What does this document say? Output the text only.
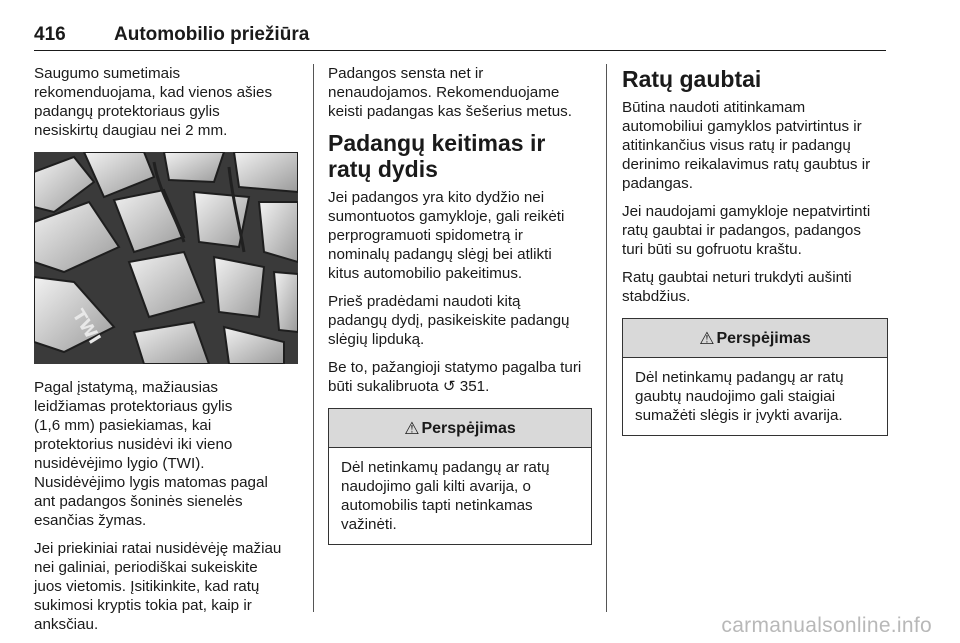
416	Automobilio priežiūra

Saugumo sumetimais
rekomenduojama, kad vienos ašies
padangų protektoriaus gylis
nesiskirtų daugiau nei 2 mm.

TWI

Pagal įstatymą, mažiausias
leidžiamas protektoriaus gylis
(1,6 mm) pasiekiamas, kai
protektorius nusidėvi iki vieno
nusidėvėjimo lygio (TWI).
Nusidėvėjimo lygis matomas pagal
ant padangos šoninės sienelės
esančias žymas.

Jei priekiniai ratai nusidėvėję mažiau
nei galiniai, periodiškai sukeiskite
juos vietomis. Įsitikinkite, kad ratų
sukimosi kryptis tokia pat, kaip ir
anksčiau.

Padangos sensta net ir
nenaudojamos. Rekomenduojame
keisti padangas kas šešerius metus.

Padangų keitimas ir ratų dydis

Jei padangos yra kito dydžio nei
sumontuotos gamykloje, gali reikėti
perprogramuoti spidometrą ir
nominalų padangų slėgį bei atlikti
kitus automobilio pakeitimus.

Prieš pradėdami naudoti kitą
padangų dydį, pasikeiskite padangų
slėgių lipduką.

Be to, pažangioji statymo pagalba turi
būti sukalibruota ↺ 351.

⚠ Perspėjimas
Dėl netinkamų padangų ar ratų
naudojimo gali kilti avarija, o
automobilis tapti netinkamas
važinėti.
Ratų gaubtai

Būtina naudoti atitinkamam
automobiliui gamyklos patvirtintus ir
atitinkančius visus ratų ir padangų
derinimo reikalavimus ratų gaubtus ir
padangas.

Jei naudojami gamykloje nepatvirtinti
ratų gaubtai ir padangos, padangos
turi būti su gofruotu kraštu.

Ratų gaubtai neturi trukdyti aušinti
stabdžius.

⚠ Perspėjimas
Dėl netinkamų padangų ar ratų
gaubtų naudojimo gali staigiai
sumažėti slėgis ir įvykti avarija.
carmanualsonline.info
